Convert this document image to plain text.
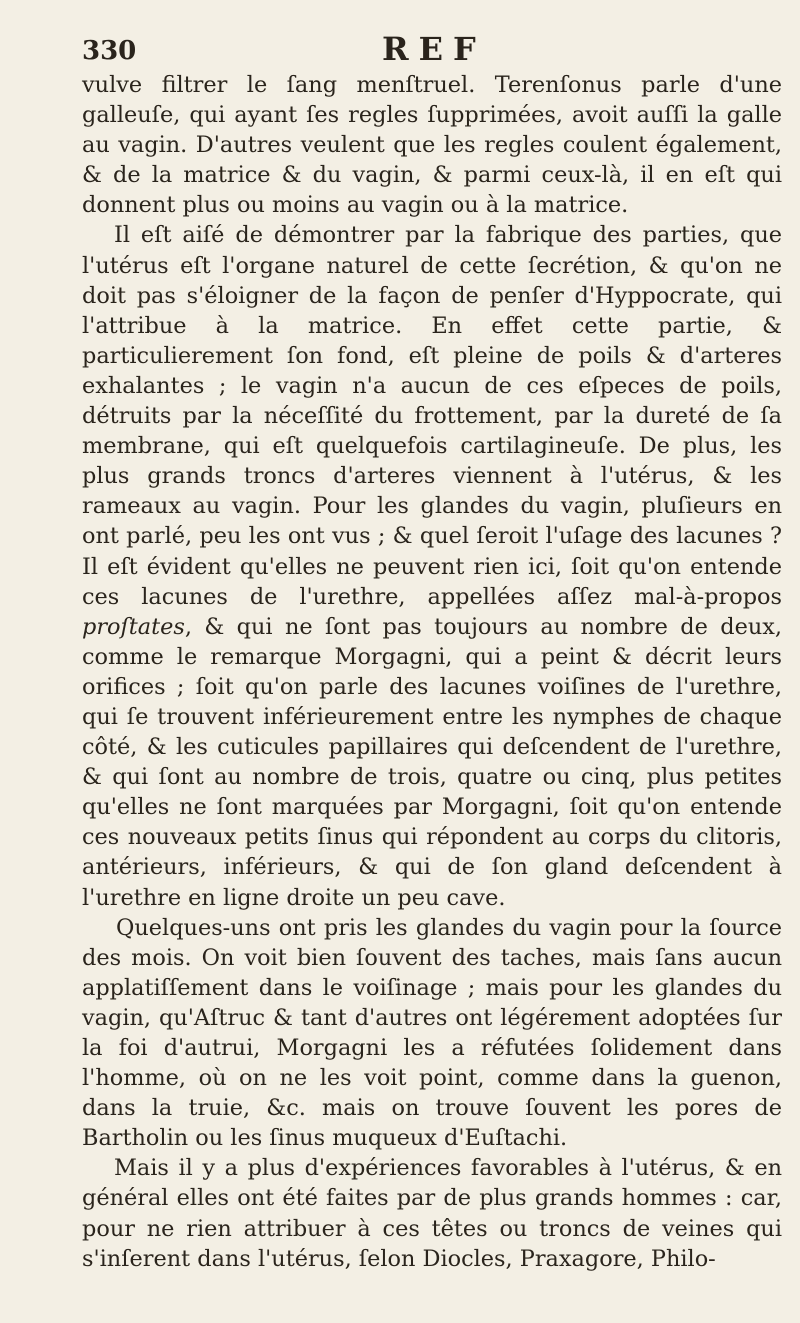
330	REF

vulve filtrer le ſang menſtruel. Terenſonus parle d'une galleuſe, qui ayant ſes regles ſupprimées, avoit auſſi la galle au vagin. D'autres veulent que les regles coulent également, & de la matrice & du vagin, & parmi ceux-là, il en eſt qui donnent plus ou moins au vagin ou à la matrice.

Il eſt aiſé de démontrer par la fabrique des parties, que l'utérus eſt l'organe naturel de cette ſecrétion, & qu'on ne doit pas s'éloigner de la façon de penſer d'Hyppocrate, qui l'attribue à la matrice. En effet cette partie, & particulierement ſon fond, eſt pleine de poils & d'arteres exhalantes ; le vagin n'a aucun de ces eſpeces de poils, détruits par la néceſſité du frottement, par la dureté de ſa membrane, qui eſt quelquefois cartilagineuſe. De plus, les plus grands troncs d'arteres viennent à l'utérus, & les rameaux au vagin. Pour les glandes du vagin, pluſieurs en ont parlé, peu les ont vus ; & quel ſeroit l'uſage des lacunes ? Il eſt évident qu'elles ne peuvent rien ici, ſoit qu'on entende ces lacunes de l'urethre, appellées aſſez mal-à-propos proſtates, & qui ne ſont pas toujours au nombre de deux, comme le remarque Morgagni, qui a peint & décrit leurs orifices ; ſoit qu'on parle des lacunes voiſines de l'urethre, qui ſe trouvent inférieurement entre les nymphes de chaque côté, & les cuticules papillaires qui deſcendent de l'urethre, & qui ſont au nombre de trois, quatre ou cinq, plus petites qu'elles ne ſont marquées par Morgagni, ſoit qu'on entende ces nouveaux petits ſinus qui répondent au corps du clitoris, antérieurs, inférieurs, & qui de ſon gland deſcendent à l'urethre en ligne droite un peu cave.

Quelques-uns ont pris les glandes du vagin pour la ſource des mois. On voit bien ſouvent des taches, mais ſans aucun applatiſſement dans le voiſinage ; mais pour les glandes du vagin, qu'Aſtruc & tant d'autres ont légérement adoptées ſur la foi d'autrui, Morgagni les a réfutées ſolidement dans l'homme, où on ne les voit point, comme dans la guenon, dans la truie, &c. mais on trouve ſouvent les pores de Bartholin ou les ſinus muqueux d'Euſtachi.

Mais il y a plus d'expériences favorables à l'utérus, & en général elles ont été faites par de plus grands hommes : car, pour ne rien attribuer à ces têtes ou troncs de veines qui s'inſerent dans l'utérus, ſelon Diocles, Praxagore, Philo-
